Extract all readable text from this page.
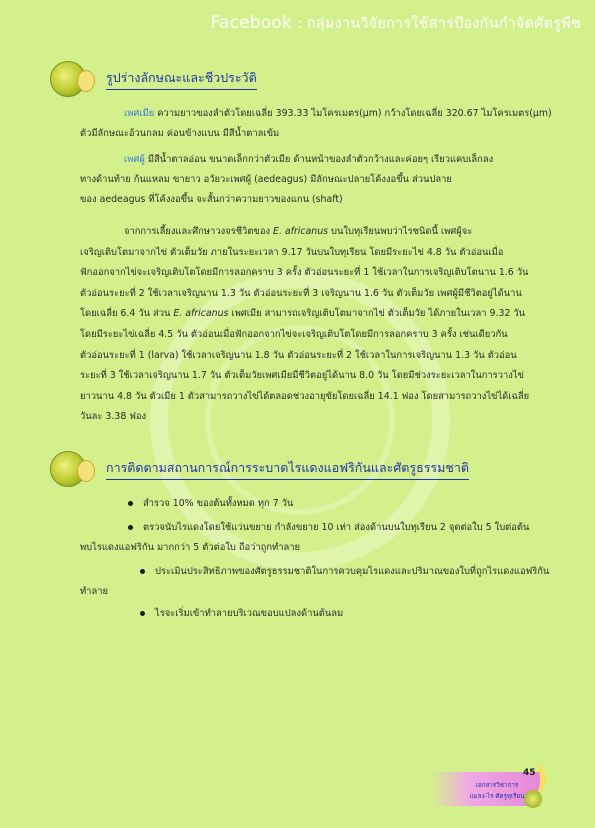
Facebook : กลุ่มงานวิจัยการใช้สารป้องกันกำจัดศัตรูพืช
รูปร่างลักษณะและชีวประวัติ
เพศเมีย ความยาวของลำตัวโดยเฉลี่ย 393.33 ไมโครเมตร(μm) กว้างโดยเฉลี่ย 320.67 ไมโครเมตร(μm)
ตัวมีลักษณะอ้วนกลม ค่อนข้างแบน มีสีน้ำตาลเข้ม
เพศผู้ มีสีน้ำตาลอ่อน ขนาดเล็กกว่าตัวเมีย ด้านหน้าของลำตัวกว้างและค่อยๆ เรียวแคบเล็กลง
ทางด้านท้าย ก้นแหลม ขายาว อวัยวะเพศผู้ (aedeagus) มีลักษณะปลายโค้งงอขึ้น ส่วนปลาย
ของ aedeagus ที่โค้งงอขึ้น จะสั้นกว่าความยาวของแกน (shaft)
จากการเลี้ยงและศึกษาวงจรชีวิตของ E. africanus บนใบทุเรียนพบว่าไรชนิดนี้ เพศผู้จะ
เจริญเติบโตมาจากไข่ ตัวเต็มวัย ภายในระยะเวลา 9.17 วันบนใบทุเรียน โดยมีระยะไข่ 4.8 วัน ตัวอ่อนเมื่อ
ฟักออกจากไข่จะเจริญเติบโตโดยมีการลอกคราบ 3 ครั้ง ตัวอ่อนระยะที่ 1 ใช้เวลาในการเจริญเติบโตนาน 1.6 วัน
ตัวอ่อนระยะที่ 2 ใช้เวลาเจริญนาน 1.3 วัน ตัวอ่อนระยะที่ 3 เจริญนาน 1.6 วัน ตัวเต็มวัย เพศผู้มีชีวิตอยู่ได้นาน
โดยเฉลี่ย 6.4 วัน ส่วน E. africanus เพศเมีย สามารถเจริญเติบโตมาจากไข่ ตัวเต็มวัย ได้ภายในเวลา 9.32 วัน
โดยมีระยะไข่เฉลี่ย 4.5 วัน ตัวอ่อนเมื่อฟักออกจากไข่จะเจริญเติบโตโดยมีการลอกคราบ 3 ครั้ง เช่นเดียวกัน
ตัวอ่อนระยะที่ 1 (larva) ใช้เวลาเจริญนาน 1.8 วัน ตัวอ่อนระยะที่ 2 ใช้เวลาในการเจริญนาน 1.3 วัน ตัวอ่อน
ระยะที่ 3 ใช้เวลาเจริญนาน 1.7 วัน ตัวเต็มวัยเพศเมียมีชีวิตอยู่ได้นาน 8.0 วัน โดยมีช่วงระยะเวลาในการวางไข่
ยาวนาน 4.8 วัน ตัวเมีย 1 ตัวสามารถวางไข่ได้ตลอดช่วงอายุขัยโดยเฉลี่ย 14.1 ฟอง โดยสามารถวางไข่ได้เฉลี่ย
วันละ 3.38 ฟอง
การติดตามสถานการณ์การระบาดไรแดงแอฟริกันและศัตรูธรรมชาติ
สำรวจ 10% ของต้นทั้งหมด ทุก 7 วัน
ตรวจนับไรแดงโดยใช้แว่นขยาย กำลังขยาย 10 เท่า ส่องด้านบนใบทุเรียน 2 จุดต่อใบ 5 ใบต่อต้น
พบไรแดงแอฟริกัน มากกว่า 5 ตัวต่อใบ ถือว่าถูกทำลาย
ประเมินประสิทธิภาพของศัตรูธรรมชาติในการควบคุมไรแดงและปริมาณของใบที่ถูกไรแดงแอฟริกัน
ทำลาย
ไรจะเริ่มเข้าทำลายบริเวณขอบแปลงด้านต้นลม
45
เอกสารวิชาการ
แมลง-ไร ศัตรูทุเรียน
